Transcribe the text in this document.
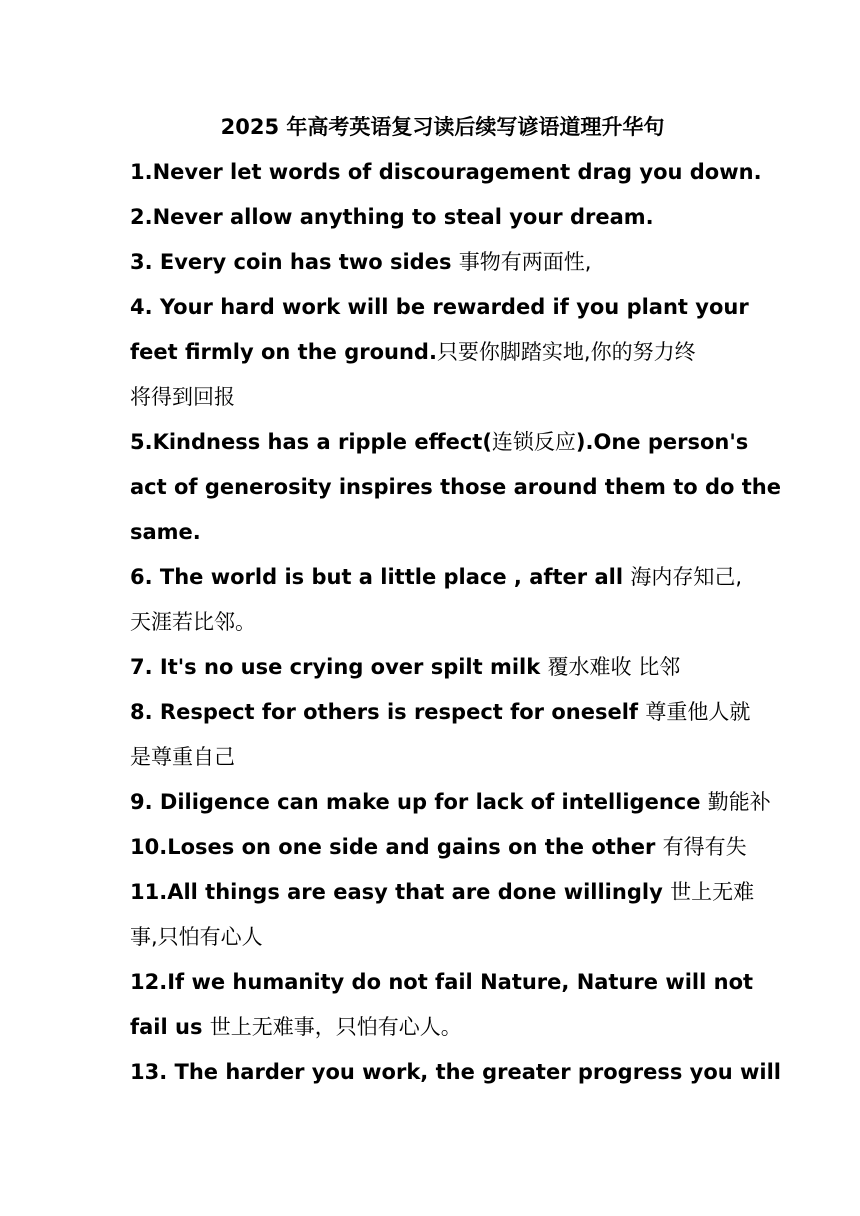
2025 年高考英语复习读后续写谚语道理升华句
1.Never let words of discouragement drag you down.
2.Never allow anything to steal your dream.
3. Every coin has two sides 事物有两面性,
4. Your hard work will be rewarded if you plant your
feet firmly on the ground.只要你脚踏实地,你的努力终
将得到回报
5.Kindness has a ripple effect(连锁反应).One person's
act of generosity inspires those around them to do the
same.
6. The world is but a little place , after all 海内存知己,
天涯若比邻。
7. It's no use crying over spilt milk 覆水难收 比邻
8. Respect for others is respect for oneself 尊重他人就
是尊重自己
9. Diligence can make up for lack of intelligence 勤能补
10.Loses on one side and gains on the other 有得有失
11.All things are easy that are done willingly 世上无难
事,只怕有心人
12.If we humanity do not fail Nature, Nature will not
fail us 世上无难事，只怕有心人。
13. The harder you work, the greater progress you will
